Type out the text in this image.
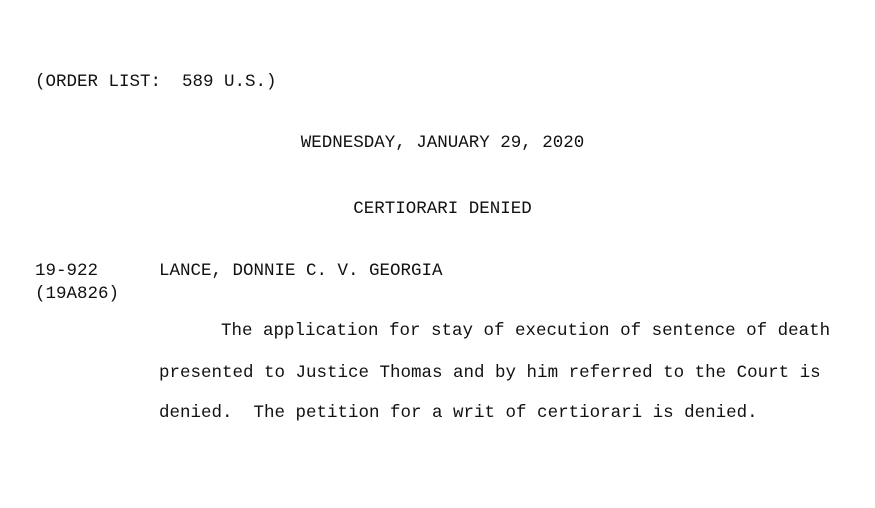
(ORDER LIST:  589 U.S.)
WEDNESDAY, JANUARY 29, 2020
CERTIORARI DENIED
19-922
(19A826)
LANCE, DONNIE C. V. GEORGIA
The application for stay of execution of sentence of death
presented to Justice Thomas and by him referred to the Court is
denied.  The petition for a writ of certiorari is denied.
